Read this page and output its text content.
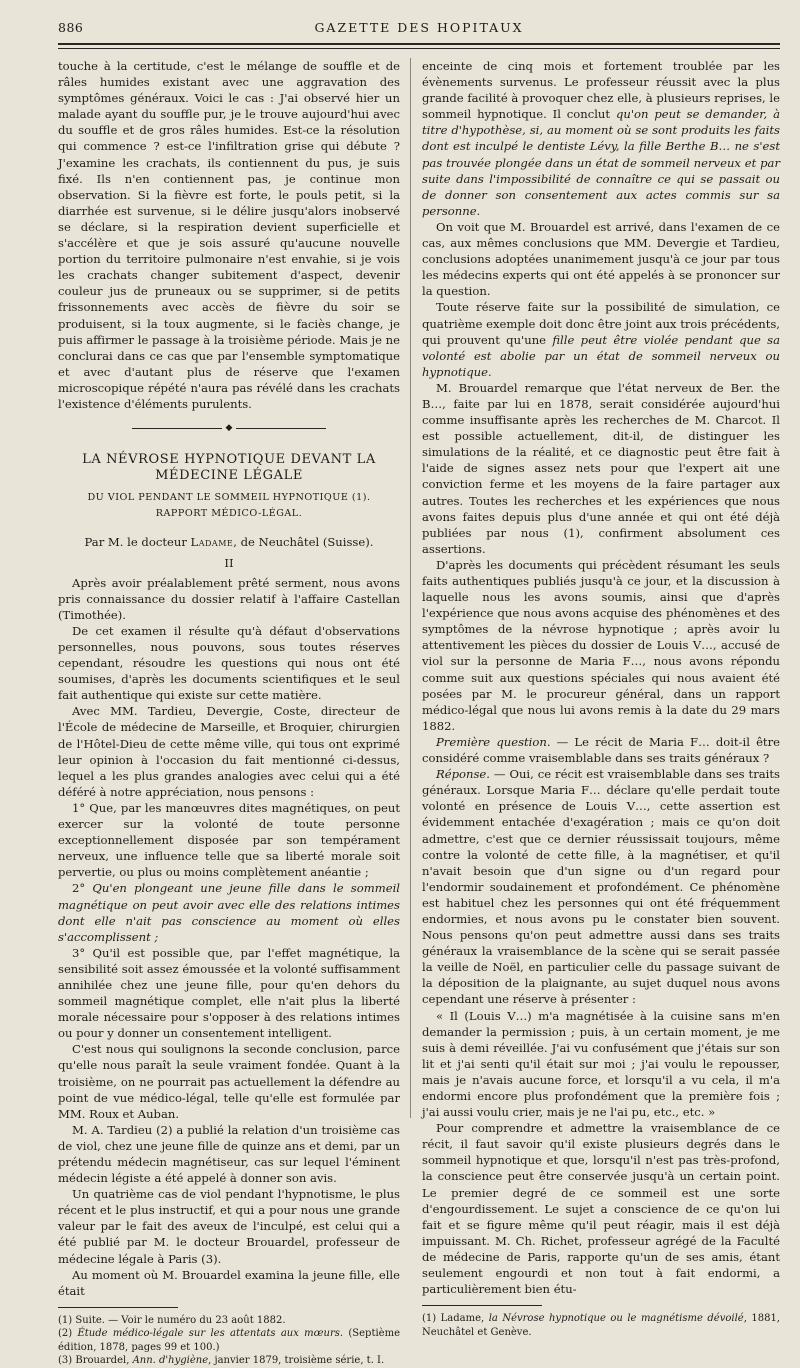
886	GAZETTE DES HOPITAUX

touche à la certitude, c'est le mélange de souffle et de râles humides existant avec une aggravation des symptômes généraux. Voici le cas : J'ai observé hier un malade ayant du souffle pur, je le trouve aujourd'hui avec du souffle et de gros râles humides. Est-ce la résolution qui commence ? est-ce l'infiltration grise qui débute ? J'examine les crachats, ils contiennent du pus, je suis fixé. Ils n'en contiennent pas, je continue mon observation. Si la fièvre est forte, le pouls petit, si la diarrhée est survenue, si le délire jusqu'alors inobservé se déclare, si la respiration devient superficielle et s'accélère et que je sois assuré qu'aucune nouvelle portion du territoire pulmonaire n'est envahie, si je vois les crachats changer subitement d'aspect, devenir couleur jus de pruneaux ou se supprimer, si de petits frissonnements avec accès de fièvre du soir se produisent, si la toux augmente, si le faciès change, je puis affirmer le passage à la troisième période. Mais je ne conclurai dans ce cas que par l'ensemble symptomatique et avec d'autant plus de réserve que l'examen microscopique répété n'aura pas révélé dans les crachats l'existence d'éléments purulents.

◆
LA NÉVROSE HYPNOTIQUE DEVANT LA MÉDECINE LÉGALE

DU VIOL PENDANT LE SOMMEIL HYPNOTIQUE (1).

RAPPORT MÉDICO-LÉGAL.

Par M. le docteur Ladame, de Neuchâtel (Suisse).

II

Après avoir préalablement prêté serment, nous avons pris connaissance du dossier relatif à l'affaire Castellan (Timothée).

De cet examen il résulte qu'à défaut d'observations personnelles, nous pouvons, sous toutes réserves cependant, résoudre les questions qui nous ont été soumises, d'après les documents scientifiques et le seul fait authentique qui existe sur cette matière.

Avec MM. Tardieu, Devergie, Coste, directeur de l'École de médecine de Marseille, et Broquier, chirurgien de l'Hôtel-Dieu de cette même ville, qui tous ont exprimé leur opinion à l'occasion du fait mentionné ci-dessus, lequel a les plus grandes analogies avec celui qui a été déféré à notre appréciation, nous pensons :

1° Que, par les manœuvres dites magnétiques, on peut exercer sur la volonté de toute personne exceptionnellement disposée par son tempérament nerveux, une influence telle que sa liberté morale soit pervertie, ou plus ou moins complètement anéantie ;

2° Qu'en plongeant une jeune fille dans le sommeil magnétique on peut avoir avec elle des relations intimes dont elle n'ait pas conscience au moment où elles s'accomplissent ;

3° Qu'il est possible que, par l'effet magnétique, la sensibilité soit assez émoussée et la volonté suffisamment annihilée chez une jeune fille, pour qu'en dehors du sommeil magnétique complet, elle n'ait plus la liberté morale nécessaire pour s'opposer à des relations intimes ou pour y donner un consentement intelligent.

C'est nous qui soulignons la seconde conclusion, parce qu'elle nous paraît la seule vraiment fondée. Quant à la troisième, on ne pourrait pas actuellement la défendre au point de vue médico-légal, telle qu'elle est formulée par MM. Roux et Auban.

M. A. Tardieu (2) a publié la relation d'un troisième cas de viol, chez une jeune fille de quinze ans et demi, par un prétendu médecin magnétiseur, cas sur lequel l'éminent médecin légiste a été appelé à donner son avis.

Un quatrième cas de viol pendant l'hypnotisme, le plus récent et le plus instructif, et qui a pour nous une grande valeur par le fait des aveux de l'inculpé, est celui qui a été publié par M. le docteur Brouardel, professeur de médecine légale à Paris (3).

Au moment où M. Brouardel examina la jeune fille, elle était

(1) Suite. — Voir le numéro du 23 août 1882.

(2) Étude médico-légale sur les attentats aux mœurs. (Septième édition, 1878, pages 99 et 100.)

(3) Brouardel, Ann. d'hygiène, janvier 1879, troisième série, t. I.

enceinte de cinq mois et fortement troublée par les évènements survenus. Le professeur réussit avec la plus grande facilité à provoquer chez elle, à plusieurs reprises, le sommeil hypnotique. Il conclut qu'on peut se demander, à titre d'hypothèse, si, au moment où se sont produits les faits dont est inculpé le dentiste Lévy, la fille Berthe B… ne s'est pas trouvée plongée dans un état de sommeil nerveux et par suite dans l'impossibilité de connaître ce qui se passait ou de donner son consentement aux actes commis sur sa personne.

On voit que M. Brouardel est arrivé, dans l'examen de ce cas, aux mêmes conclusions que MM. Devergie et Tardieu, conclusions adoptées unanimement jusqu'à ce jour par tous les médecins experts qui ont été appelés à se prononcer sur la question.

Toute réserve faite sur la possibilité de simulation, ce quatrième exemple doit donc être joint aux trois précédents, qui prouvent qu'une fille peut être violée pendant que sa volonté est abolie par un état de sommeil nerveux ou hypnotique.

M. Brouardel remarque que l'état nerveux de Ber. the B…, faite par lui en 1878, serait considérée aujourd'hui comme insuffisante après les recherches de M. Charcot. Il est possible actuellement, dit-il, de distinguer les simulations de la réalité, et ce diagnostic peut être fait à l'aide de signes assez nets pour que l'expert ait une conviction ferme et les moyens de la faire partager aux autres. Toutes les recherches et les expériences que nous avons faites depuis plus d'une année et qui ont été déjà publiées par nous (1), confirment absolument ces assertions.

D'après les documents qui précèdent résumant les seuls faits authentiques publiés jusqu'à ce jour, et la discussion à laquelle nous les avons soumis, ainsi que d'après l'expérience que nous avons acquise des phénomènes et des symptômes de la névrose hypnotique ; après avoir lu attentivement les pièces du dossier de Louis V…, accusé de viol sur la personne de Maria F…, nous avons répondu comme suit aux questions spéciales qui nous avaient été posées par M. le procureur général, dans un rapport médico-légal que nous lui avons remis à la date du 29 mars 1882.

Première question. — Le récit de Maria F… doit-il être considéré comme vraisemblable dans ses traits généraux ?

Réponse. — Oui, ce récit est vraisemblable dans ses traits généraux. Lorsque Maria F… déclare qu'elle perdait toute volonté en présence de Louis V…, cette assertion est évidemment entachée d'exagération ; mais ce qu'on doit admettre, c'est que ce dernier réussissait toujours, même contre la volonté de cette fille, à la magnétiser, et qu'il n'avait besoin que d'un signe ou d'un regard pour l'endormir soudainement et profondément. Ce phénomène est habituel chez les personnes qui ont été fréquemment endormies, et nous avons pu le constater bien souvent. Nous pensons qu'on peut admettre aussi dans ses traits généraux la vraisemblance de la scène qui se serait passée la veille de Noël, en particulier celle du passage suivant de la déposition de la plaignante, au sujet duquel nous avons cependant une réserve à présenter :

« Il (Louis V…) m'a magnétisée à la cuisine sans m'en demander la permission ; puis, à un certain moment, je me suis à demi réveillée. J'ai vu confusément que j'étais sur son lit et j'ai senti qu'il était sur moi ; j'ai voulu le repousser, mais je n'avais aucune force, et lorsqu'il a vu cela, il m'a endormi encore plus profondément que la première fois ; j'ai aussi voulu crier, mais je ne l'ai pu, etc., etc. »

Pour comprendre et admettre la vraisemblance de ce récit, il faut savoir qu'il existe plusieurs degrés dans le sommeil hypnotique et que, lorsqu'il n'est pas très-profond, la conscience peut être conservée jusqu'à un certain point. Le premier degré de ce sommeil est une sorte d'engourdissement. Le sujet a conscience de ce qu'on lui fait et se figure même qu'il peut réagir, mais il est déjà impuissant. M. Ch. Richet, professeur agrégé de la Faculté de médecine de Paris, rapporte qu'un de ses amis, étant seulement engourdi et non tout à fait endormi, a particulièrement bien étu-

(1) Ladame, la Névrose hypnotique ou le magnétisme dévoilé, 1881, Neuchâtel et Genève.
